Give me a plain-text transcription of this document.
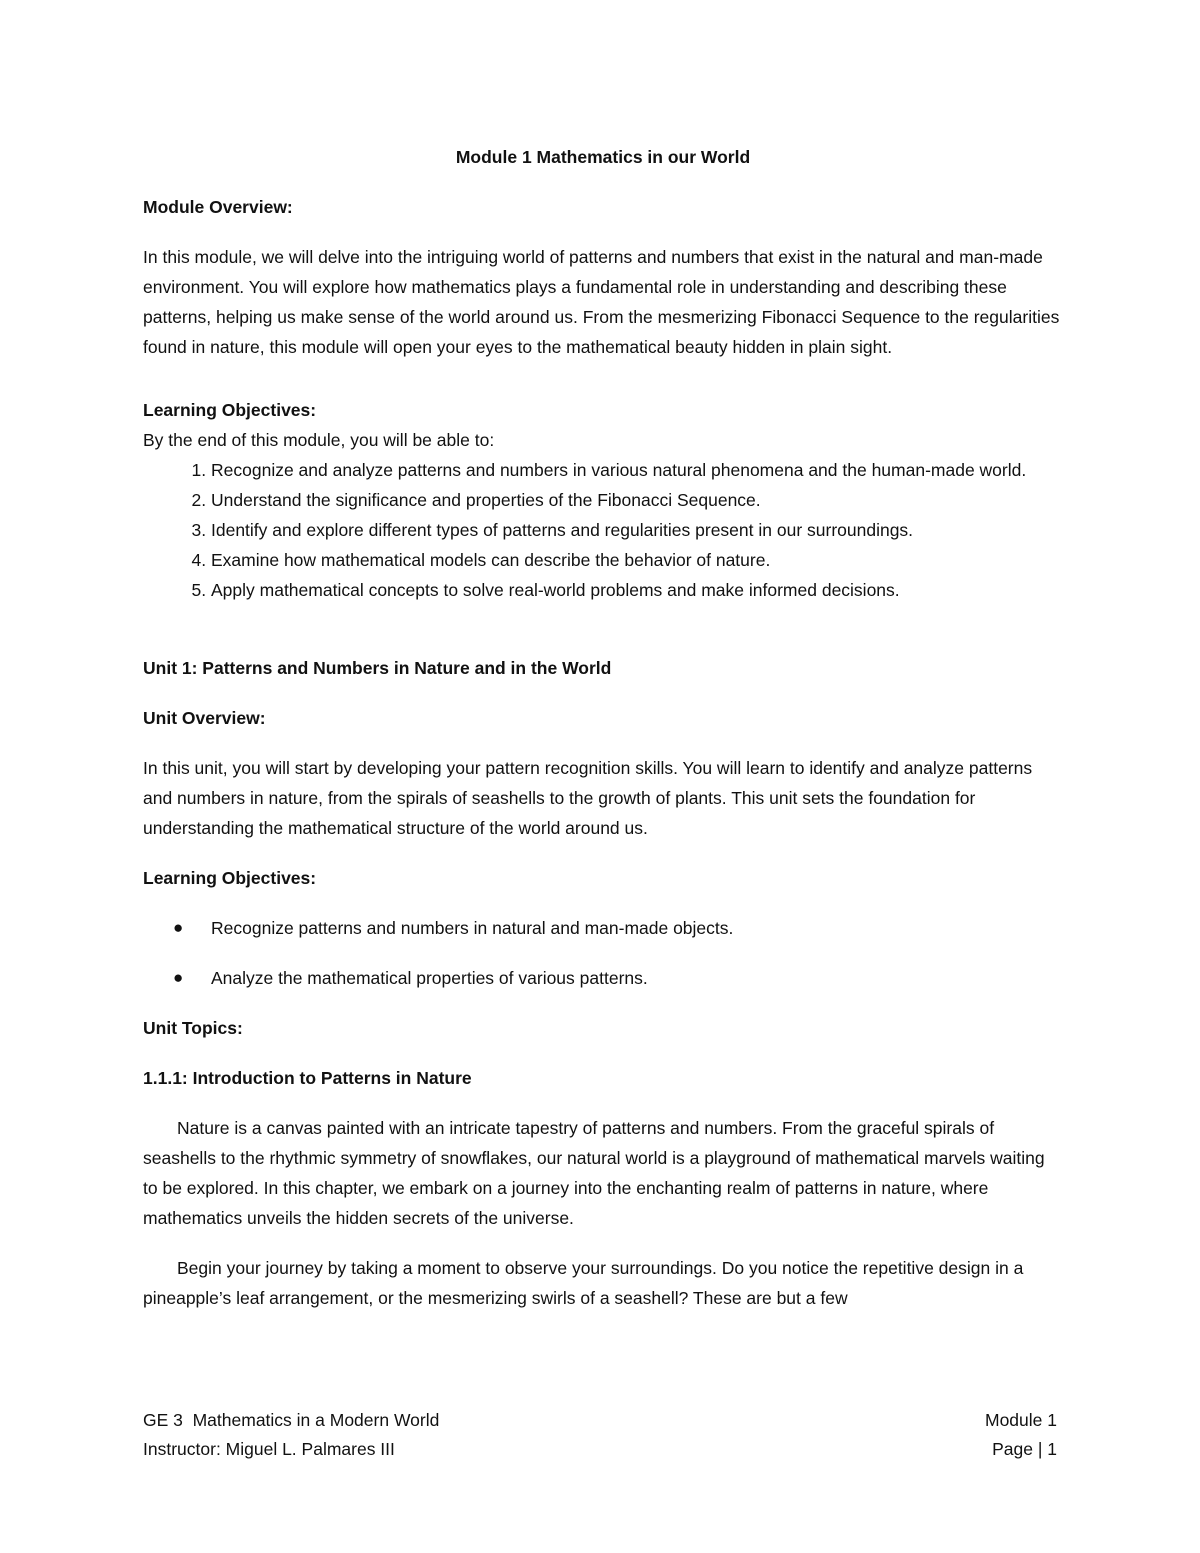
Module 1 Mathematics in our World

Module Overview:

In this module, we will delve into the intriguing world of patterns and numbers that exist in the natural and man-made environment. You will explore how mathematics plays a fundamental role in understanding and describing these patterns, helping us make sense of the world around us. From the mesmerizing Fibonacci Sequence to the regularities found in nature, this module will open your eyes to the mathematical beauty hidden in plain sight.

Learning Objectives:

By the end of this module, you will be able to:

1. Recognize and analyze patterns and numbers in various natural phenomena and the human-made world.
2. Understand the significance and properties of the Fibonacci Sequence.
3. Identify and explore different types of patterns and regularities present in our surroundings.
4. Examine how mathematical models can describe the behavior of nature.
5. Apply mathematical concepts to solve real-world problems and make informed decisions.

Unit 1: Patterns and Numbers in Nature and in the World

Unit Overview:

In this unit, you will start by developing your pattern recognition skills. You will learn to identify and analyze patterns and numbers in nature, from the spirals of seashells to the growth of plants. This unit sets the foundation for understanding the mathematical structure of the world around us.

Learning Objectives:

● Recognize patterns and numbers in natural and man-made objects.
● Analyze the mathematical properties of various patterns.

Unit Topics:

1.1.1: Introduction to Patterns in Nature

Nature is a canvas painted with an intricate tapestry of patterns and numbers. From the graceful spirals of seashells to the rhythmic symmetry of snowflakes, our natural world is a playground of mathematical marvels waiting to be explored. In this chapter, we embark on a journey into the enchanting realm of patterns in nature, where mathematics unveils the hidden secrets of the universe.

Begin your journey by taking a moment to observe your surroundings. Do you notice the repetitive design in a pineapple’s leaf arrangement, or the mesmerizing swirls of a seashell? These are but a few

GE 3  Mathematics in a Modern World	Module 1
Instructor: Miguel L. Palmares III	Page | 1
